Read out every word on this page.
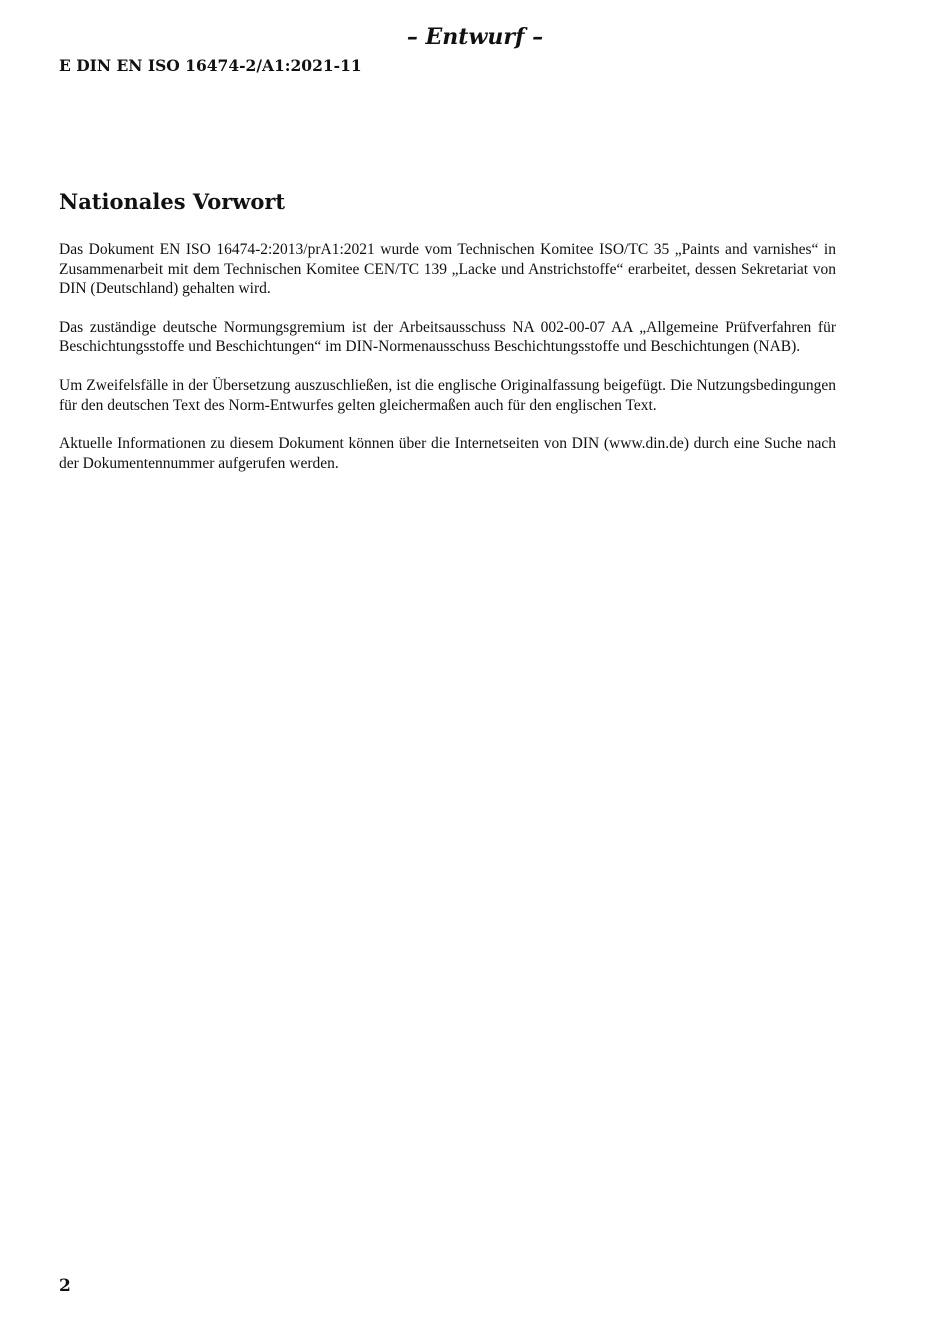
– Entwurf –
E DIN EN ISO 16474-2/A1:2021-11
Nationales Vorwort

Das Dokument EN ISO 16474-2:2013/prA1:2021 wurde vom Technischen Komitee ISO/TC 35 „Paints and varnishes“ in Zusammenarbeit mit dem Technischen Komitee CEN/TC 139 „Lacke und Anstrichstoffe“ erarbeitet, dessen Sekretariat von DIN (Deutschland) gehalten wird.

Das zuständige deutsche Normungsgremium ist der Arbeitsausschuss NA 002-00-07 AA „Allgemeine Prüfverfahren für Beschichtungsstoffe und Beschichtungen“ im DIN-Normenausschuss Beschichtungsstoffe und Beschichtungen (NAB).

Um Zweifelsfälle in der Übersetzung auszuschließen, ist die englische Originalfassung beigefügt. Die Nutzungsbedingungen für den deutschen Text des Norm-Entwurfes gelten gleichermaßen auch für den englischen Text.

Aktuelle Informationen zu diesem Dokument können über die Internetseiten von DIN (www.din.de) durch eine Suche nach der Dokumentennummer aufgerufen werden.

2
